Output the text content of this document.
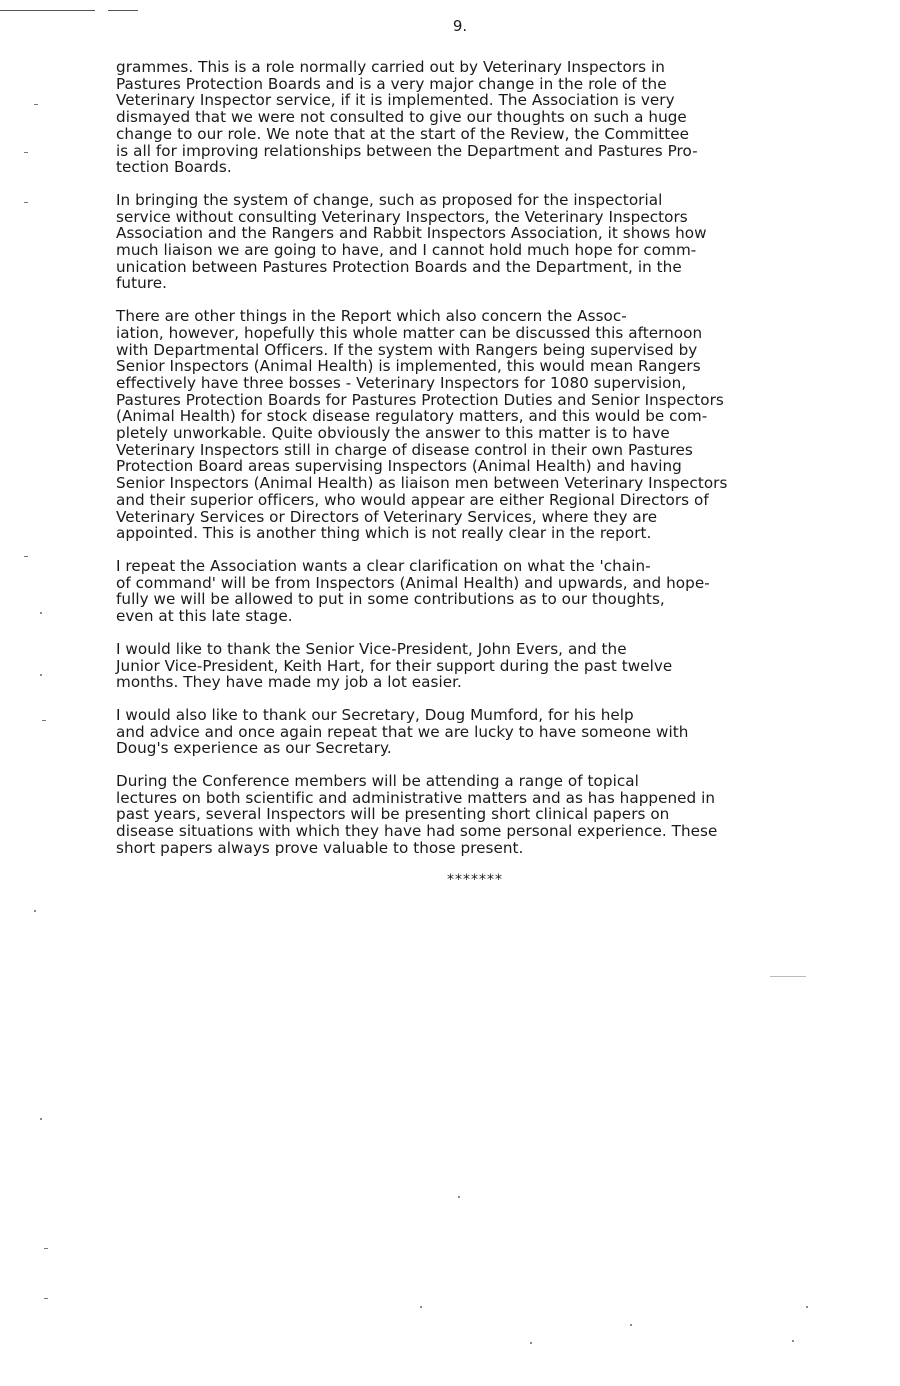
9.

grammes. This is a role normally carried out by Veterinary Inspectors in
Pastures Protection Boards and is a very major change in the role of the
Veterinary Inspector service, if it is implemented. The Association is very
dismayed that we were not consulted to give our thoughts on such a huge
change to our role. We note that at the start of the Review, the Committee
is all for improving relationships between the Department and Pastures Pro-
tection Boards.

In bringing the system of change, such as proposed for the inspectorial
service without consulting Veterinary Inspectors, the Veterinary Inspectors
Association and the Rangers and Rabbit Inspectors Association, it shows how
much liaison we are going to have, and I cannot hold much hope for comm-
unication between Pastures Protection Boards and the Department, in the
future.

There are other things in the Report which also concern the Assoc-
iation, however, hopefully this whole matter can be discussed this afternoon
with Departmental Officers. If the system with Rangers being supervised by
Senior Inspectors (Animal Health) is implemented, this would mean Rangers
effectively have three bosses - Veterinary Inspectors for 1080 supervision,
Pastures Protection Boards for Pastures Protection Duties and Senior Inspectors
(Animal Health) for stock disease regulatory matters, and this would be com-
pletely unworkable. Quite obviously the answer to this matter is to have
Veterinary Inspectors still in charge of disease control in their own Pastures
Protection Board areas supervising Inspectors (Animal Health) and having
Senior Inspectors (Animal Health) as liaison men between Veterinary Inspectors
and their superior officers, who would appear are either Regional Directors of
Veterinary Services or Directors of Veterinary Services, where they are
appointed. This is another thing which is not really clear in the report.

I repeat the Association wants a clear clarification on what the 'chain-
of command' will be from Inspectors (Animal Health) and upwards, and hope-
fully we will be allowed to put in some contributions as to our thoughts,
even at this late stage.

I would like to thank the Senior Vice-President, John Evers, and the
Junior Vice-President, Keith Hart, for their support during the past twelve
months. They have made my job a lot easier.

I would also like to thank our Secretary, Doug Mumford, for his help
and advice and once again repeat that we are lucky to have someone with
Doug's experience as our Secretary.

During the Conference members will be attending a range of topical
lectures on both scientific and administrative matters and as has happened in
past years, several Inspectors will be presenting short clinical papers on
disease situations with which they have had some personal experience. These
short papers always prove valuable to those present.

*******
